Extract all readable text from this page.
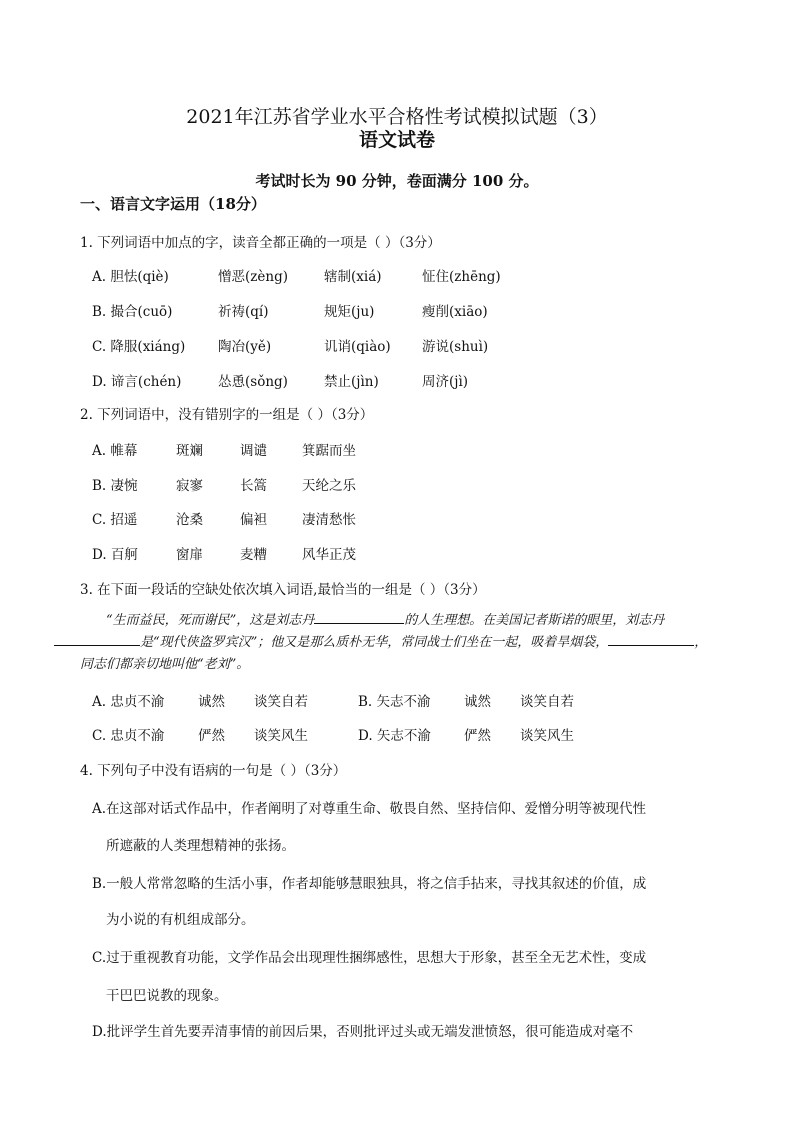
2021年江苏省学业水平合格性考试模拟试题（3）
语文试卷
考试时长为 90 分钟，卷面满分 100 分。
一、语言文字运用（18分）
1. 下列词语中加点的字，读音全都正确的一项是（ ）（3分）
A. 胆怯(qiè)	憎恶(zèng)	辖制(xiá)	怔住(zhēng)
B. 撮合(cuō)	祈祷(qí)	规矩(ju)	瘦削(xiāo)
C. 降服(xiáng) 陶冶(yě)	讥诮(qiào) 游说(shuì)
D. 谛言(chén)	怂恿(sǒng)	禁止(jìn)	周济(jì)
2. 下列词语中，没有错别字的一组是（ ）（3分）
A. 帷幕	斑斓	调谴	箕踞而坐
B. 凄惋	寂寥	长篙	天纶之乐
C. 招遥	沧桑	偏袒	凄清愁怅
D. 百舸	窗扉	麦糟	风华正茂
3. 在下面一段话的空缺处依次填入词语,最恰当的一组是（ ）（3分）
“生而益民，死而谢民”，这是刘志丹	的人生理想。在美国记者斯诺的眼里，刘志丹是“现代侠盗罗宾汉”；他又是那么质朴无华，常同战士们坐在一起，吸着旱烟袋，	，同志们都亲切地叫他“老刘”。
A. 忠贞不渝 诚然 谈笑自若	B. 矢志不渝 诚然 谈笑自若
C. 忠贞不渝 俨然 谈笑风生	D. 矢志不渝 俨然 谈笑风生
4. 下列句子中没有语病的一句是（ ）（3分）
A.在这部对话式作品中，作者阐明了对尊重生命、敬畏自然、坚持信仰、爱憎分明等被现代性
所遮蔽的人类理想精神的张扬。
B.一般人常常忽略的生活小事，作者却能够慧眼独具，将之信手拈来，寻找其叙述的价值，成
为小说的有机组成部分。
C.过于重视教育功能，文学作品会出现理性捆绑感性，思想大于形象，甚至全无艺术性，变成
干巴巴说教的现象。
D.批评学生首先要弄清事情的前因后果，否则批评过头或无端发泄愤怒，很可能造成对毫不
